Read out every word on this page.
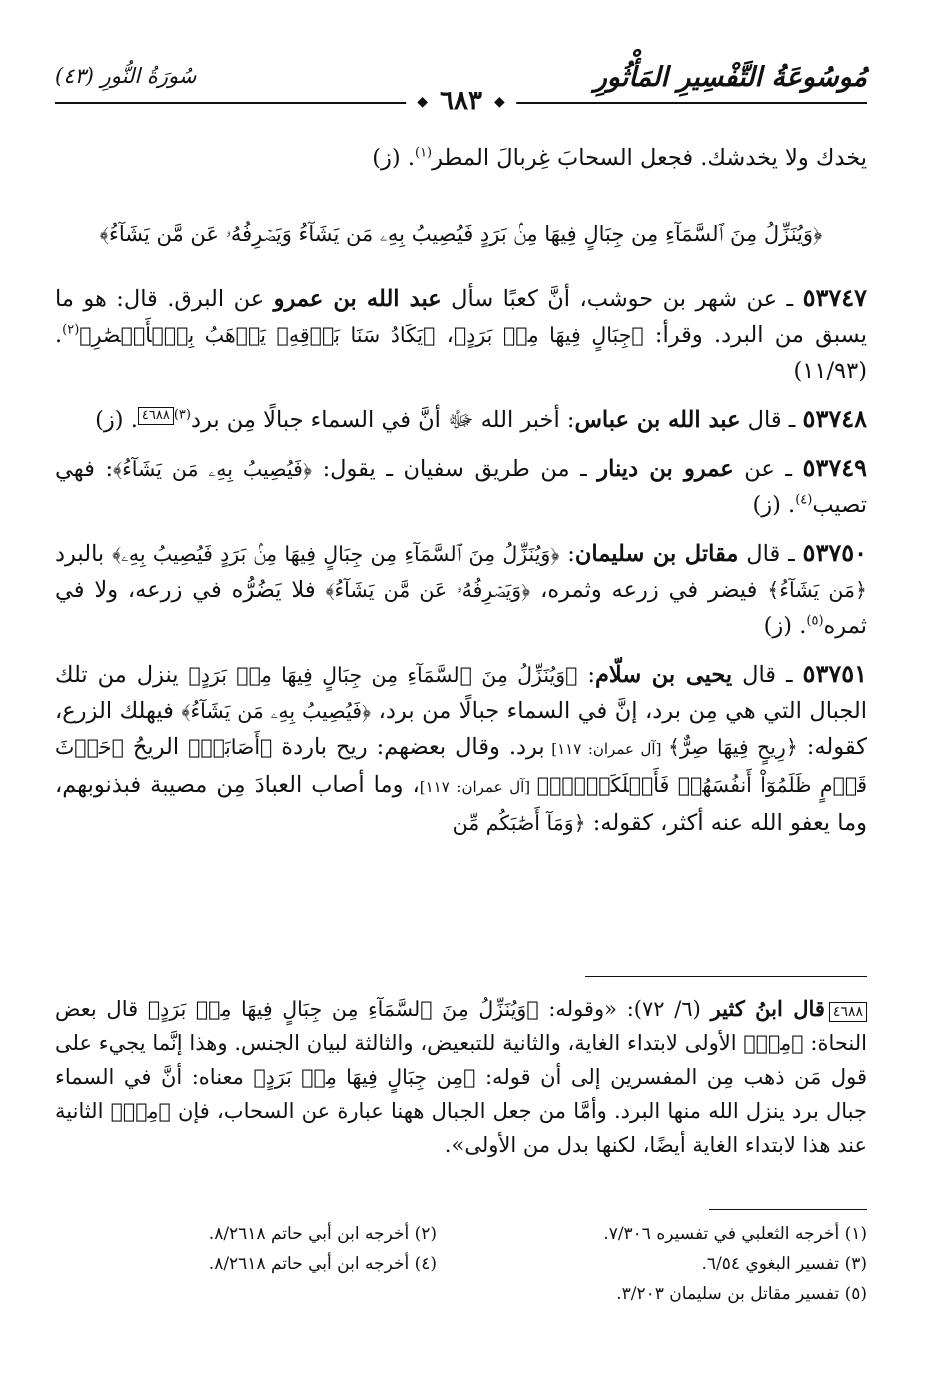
مُوسُوعَةُ التَّفْسِيرِ المَأْثُورِ
سُورَةُ النُّورِ (٤٣)
◆ ٦٨٣ ◆

يخدك ولا يخدشك. فجعل السحابَ غِربالَ المطر$^{(١)}$. (ز)

﴿وَيُنَزِّلُ مِنَ ٱلسَّمَآءِ مِن جِبَالٍ فِيهَا مِنۢ بَرَدٍ فَيُصِيبُ بِهِۦ مَن يَشَآءُ وَيَصۡرِفُهُۥ عَن مَّن يَشَآءُ﴾

٥٣٧٤٧ ـ عن شهر بن حوشب، أنَّ كعبًا سأل عبد الله بن عمرو عن البرق. قال: هو ما يسبق من البرد. وقرأ: ﴿جِبَالٍ فِيهَا مِنۢ بَرَدٍ﴾، ﴿يَكَادُ سَنَا بَرۡقِهِۦ يَذۡهَبُ بِٱلۡأَبۡصَٰرِ﴾$^{(٢)}$. (١١/٩٣)

٥٣٧٤٨ ـ قال عبد الله بن عباس: أخبر الله ﷻ أنَّ في السماء جبالًا مِن برد$^{(٣)}$٤٦٨٨. (ز)

٥٣٧٤٩ ـ عن عمرو بن دينار ـ من طريق سفيان ـ يقول: ﴿فَيُصِيبُ بِهِۦ مَن يَشَآءُ﴾: فهي تصيب$^{(٤)}$. (ز)

٥٣٧٥٠ ـ قال مقاتل بن سليمان: ﴿وَيُنَزِّلُ مِنَ ٱلسَّمَآءِ مِن جِبَالٍ فِيهَا مِنۢ بَرَدٍ فَيُصِيبُ بِهِۦ﴾ بالبرد ﴿مَن يَشَآءُ﴾ فيضر في زرعه وثمره، ﴿وَيَصۡرِفُهُۥ عَن مَّن يَشَآءُ﴾ فلا يَضُرُّه في زرعه، ولا في ثمره$^{(٥)}$. (ز)

٥٣٧٥١ ـ قال يحيى بن سلّام: ﴿وَيُنَزِّلُ مِنَ ٱلسَّمَآءِ مِن جِبَالٍ فِيهَا مِنۢ بَرَدٍ﴾ ينزل من تلك الجبال التي هي مِن برد، إنَّ في السماء جبالًا من برد، ﴿فَيُصِيبُ بِهِۦ مَن يَشَآءُ﴾ فيهلك الزرع، كقوله: ﴿رِيحٍ فِيهَا صِرٌّ﴾ [آل عمران: ١١٧] برد. وقال بعضهم: ريح باردة ﴿أَصَابَتۡ﴾ الريحُ ﴿حَرۡثَ قَوۡمٍ ظَلَمُوٓاْ أَنفُسَهُمۡ فَأَهۡلَكَتۡهُۚ﴾ [آل عمران: ١١٧]، وما أصاب العبادَ مِن مصيبة فبذنوبهم، وما يعفو الله عنه أكثر، كقوله: ﴿وَمَآ أَصَٰبَكُم مِّن

٤٦٨٨قال ابنُ كثير (٦/ ٧٢): «وقوله: ﴿وَيُنَزِّلُ مِنَ ٱلسَّمَآءِ مِن جِبَالٍ فِيهَا مِنۢ بَرَدٍ﴾ قال بعض النحاة: ﴿مِنۡ﴾ الأولى لابتداء الغاية، والثانية للتبعيض، والثالثة لبيان الجنس. وهذا إنَّما يجيء على قول مَن ذهب مِن المفسرين إلى أن قوله: ﴿مِن جِبَالٍ فِيهَا مِنۢ بَرَدٍ﴾ معناه: أنَّ في السماء جبال برد ينزل الله منها البرد. وأمَّا من جعل الجبال ههنا عبارة عن السحاب، فإن ﴿مِنۡ﴾ الثانية عند هذا لابتداء الغاية أيضًا، لكنها بدل من الأولى».
(١) أخرجه الثعلبي في تفسيره ٧/٣٠٦.
(٢) أخرجه ابن أبي حاتم ٨/٢٦١٨.
(٣) تفسير البغوي ٦/٥٤.
(٤) أخرجه ابن أبي حاتم ٨/٢٦١٨.
(٥) تفسير مقاتل بن سليمان ٣/٢٠٣.
